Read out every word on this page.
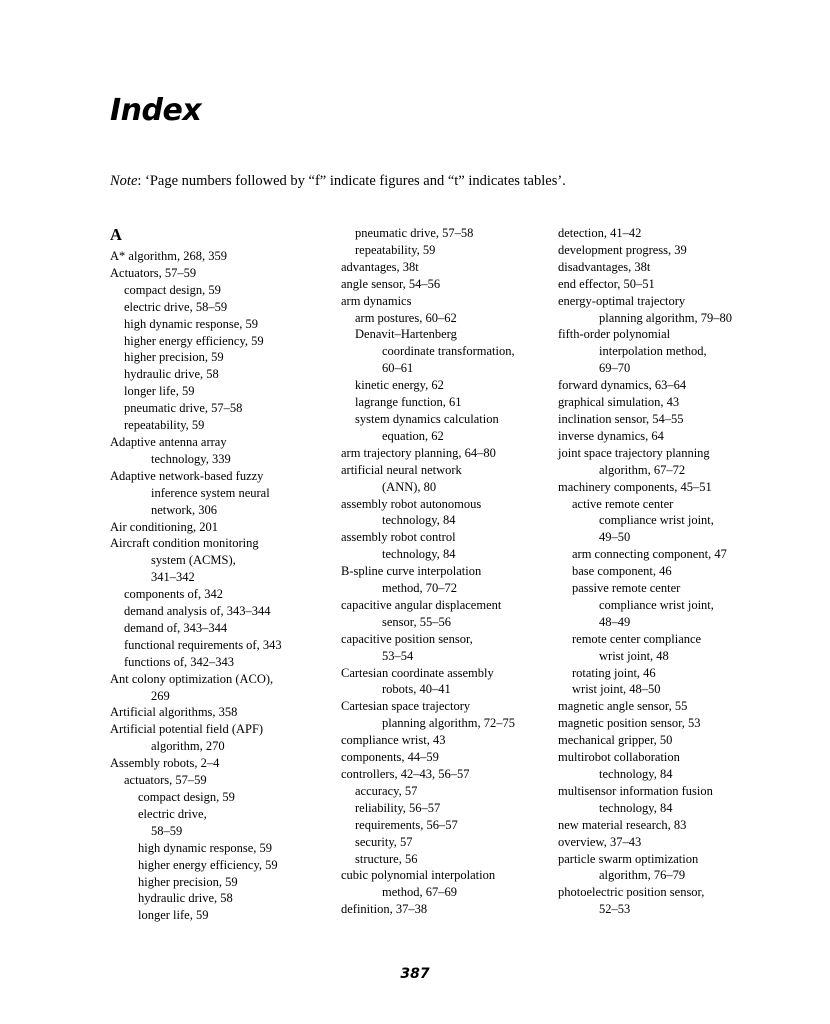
Index
Note: ‘Page numbers followed by “f” indicate figures and “t” indicates tables’.
A
A* algorithm, 268, 359
Actuators, 57–59
compact design, 59
electric drive, 58–59
high dynamic response, 59
higher energy efficiency, 59
higher precision, 59
hydraulic drive, 58
longer life, 59
pneumatic drive, 57–58
repeatability, 59
Adaptive antenna array
technology, 339
Adaptive network-based fuzzy
inference system neural
network, 306
Air conditioning, 201
Aircraft condition monitoring
system (ACMS),
341–342
components of, 342
demand analysis of, 343–344
demand of, 343–344
functional requirements of, 343
functions of, 342–343
Ant colony optimization (ACO),
269
Artificial algorithms, 358
Artificial potential field (APF)
algorithm, 270
Assembly robots, 2–4
actuators, 57–59
compact design, 59
electric drive,
58–59
high dynamic response, 59
higher energy efficiency, 59
higher precision, 59
hydraulic drive, 58
longer life, 59
pneumatic drive, 57–58
repeatability, 59
advantages, 38t
angle sensor, 54–56
arm dynamics
arm postures, 60–62
Denavit–Hartenberg
coordinate transformation,
60–61
kinetic energy, 62
lagrange function, 61
system dynamics calculation
equation, 62
arm trajectory planning, 64–80
artificial neural network
(ANN), 80
assembly robot autonomous
technology, 84
assembly robot control
technology, 84
B-spline curve interpolation
method, 70–72
capacitive angular displacement
sensor, 55–56
capacitive position sensor,
53–54
Cartesian coordinate assembly
robots, 40–41
Cartesian space trajectory
planning algorithm, 72–75
compliance wrist, 43
components, 44–59
controllers, 42–43, 56–57
accuracy, 57
reliability, 56–57
requirements, 56–57
security, 57
structure, 56
cubic polynomial interpolation
method, 67–69
definition, 37–38
detection, 41–42
development progress, 39
disadvantages, 38t
end effector, 50–51
energy-optimal trajectory
planning algorithm, 79–80
fifth-order polynomial
interpolation method,
69–70
forward dynamics, 63–64
graphical simulation, 43
inclination sensor, 54–55
inverse dynamics, 64
joint space trajectory planning
algorithm, 67–72
machinery components, 45–51
active remote center
compliance wrist joint,
49–50
arm connecting component, 47
base component, 46
passive remote center
compliance wrist joint,
48–49
remote center compliance
wrist joint, 48
rotating joint, 46
wrist joint, 48–50
magnetic angle sensor, 55
magnetic position sensor, 53
mechanical gripper, 50
multirobot collaboration
technology, 84
multisensor information fusion
technology, 84
new material research, 83
overview, 37–43
particle swarm optimization
algorithm, 76–79
photoelectric position sensor,
52–53
387
